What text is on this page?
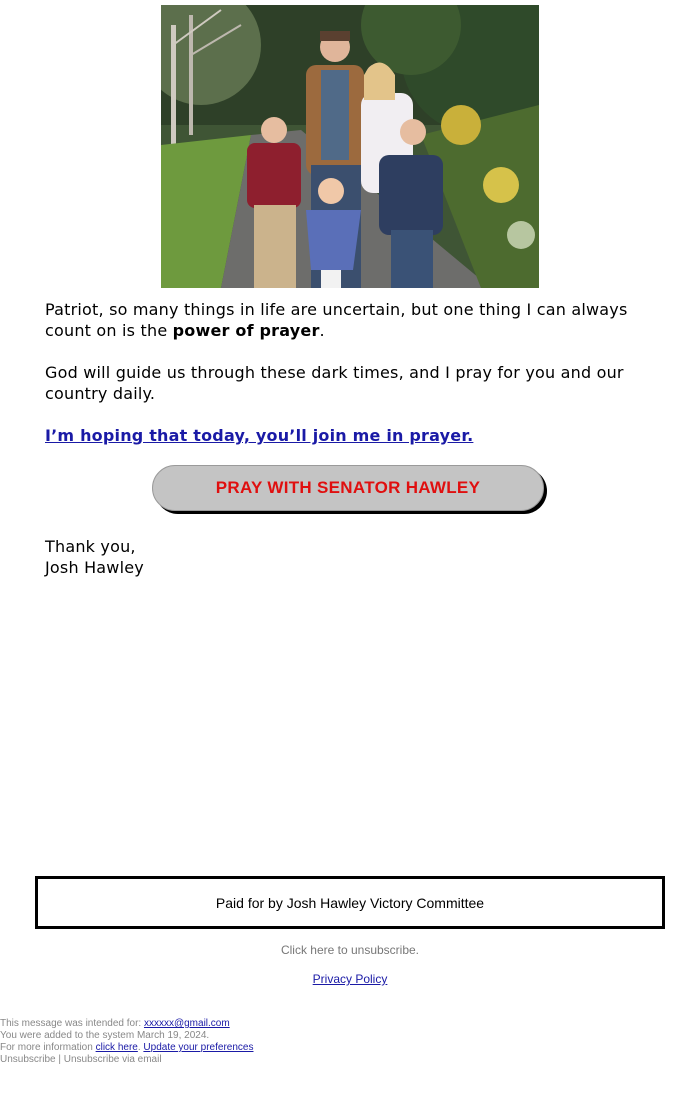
Patriot, so many things in life are uncertain, but one thing I can always count on is the power of prayer.
God will guide us through these dark times, and I pray for you and our country daily.
I’m hoping that today, you’ll join me in prayer.
PRAY WITH SENATOR HAWLEY
Thank you,
Josh Hawley
Paid for by Josh Hawley Victory Committee
Click here to unsubscribe.
Privacy Policy
This message was intended for: xxxxxx@gmail.com
You were added to the system March 19, 2024.
For more information click here. Update your preferences
Unsubscribe | Unsubscribe via email
